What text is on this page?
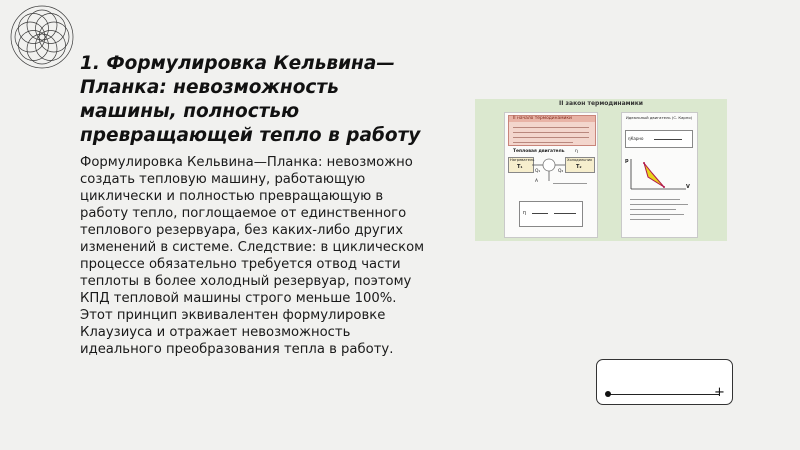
1. Формулировка Кельвина—Планка: невозможность машины, полностью превращающей тепло в работу

Формулировка Кельвина—Планка: невозможно создать тепловую машину, работающую циклически и полностью превращающую в работу тепло, поглощаемое от единственного теплового резервуара, без каких-либо других изменений в системе. Следствие: в циклическом процессе обязательно требуется отвод части теплоты в более холодный резервуар, поэтому КПД тепловой машины строго меньше 100%. Этот принцип эквивалентен формулировке Клаузиуса и отражает невозможность идеального преобразования тепла в работу.

II закон термодинамики
II начало термодинамики
Тепловая двигатель η
Нагреватель
T₁
Холодильник
T₂
Q₁	Q₂
A
η
Идеальный двигатель (С. Карно)
ηКарно
p
V
+
